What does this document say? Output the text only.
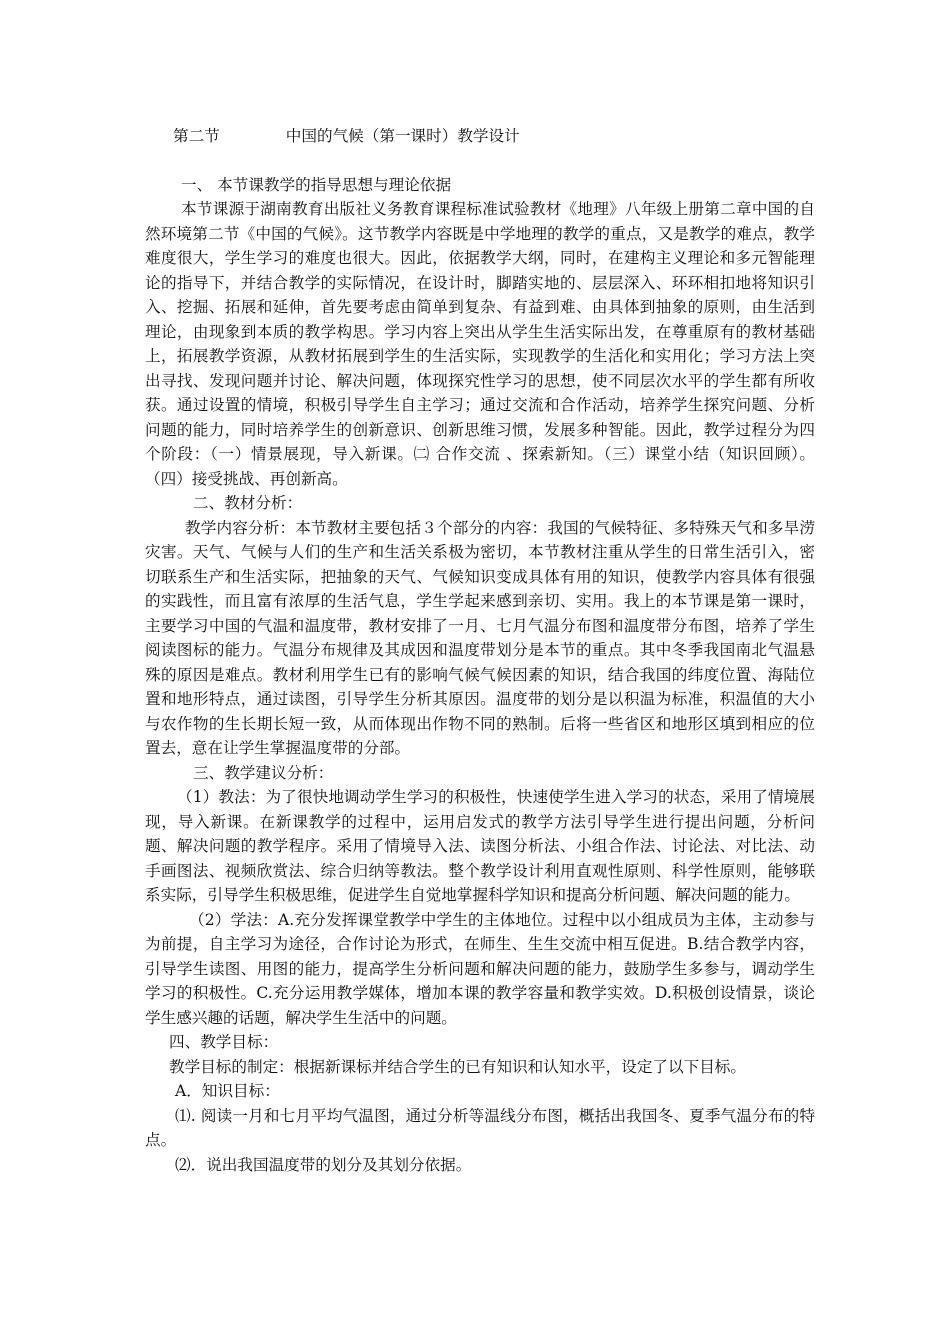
第二节	中国的气候（第一课时）教学设计

一、 本节课教学的指导思想与理论依据

本节课源于湖南教育出版社义务教育课程标准试验教材《地理》八年级上册第二章中国的自然环境第二节《中国的气候》。这节教学内容既是中学地理的教学的重点，又是教学的难点，教学难度很大，学生学习的难度也很大。因此，依据教学大纲，同时，在建构主义理论和多元智能理论的指导下，并结合教学的实际情况，在设计时，脚踏实地的、层层深入、环环相扣地将知识引入、挖掘、拓展和延伸，首先要考虑由简单到复杂、有益到难、由具体到抽象的原则，由生活到理论，由现象到本质的教学构思。学习内容上突出从学生生活实际出发，在尊重原有的教材基础上，拓展教学资源，从教材拓展到学生的生活实际，实现教学的生活化和实用化；学习方法上突出寻找、发现问题并讨论、解决问题，体现探究性学习的思想，使不同层次水平的学生都有所收获。通过设置的情境，积极引导学生自主学习；通过交流和合作活动，培养学生探究问题、分析问题的能力，同时培养学生的创新意识、创新思维习惯，发展多种智能。因此，教学过程分为四个阶段：（一）情景展现，导入新课。㈡ 合作交流 、探索新知。（三）课堂小结（知识回顾）。（四）接受挑战、再创新高。

二、教材分析：

教学内容分析：本节教材主要包括３个部分的内容：我国的气候特征、多特殊天气和多旱涝灾害。天气、气候与人们的生产和生活关系极为密切，本节教材注重从学生的日常生活引入，密切联系生产和生活实际，把抽象的天气、气候知识变成具体有用的知识，使教学内容具体有很强的实践性，而且富有浓厚的生活气息，学生学起来感到亲切、实用。我上的本节课是第一课时，主要学习中国的气温和温度带，教材安排了一月、七月气温分布图和温度带分布图，培养了学生阅读图标的能力。气温分布规律及其成因和温度带划分是本节的重点。其中冬季我国南北气温悬殊的原因是难点。教材利用学生已有的影响气候气候因素的知识，结合我国的纬度位置、海陆位置和地形特点，通过读图，引导学生分析其原因。温度带的划分是以积温为标准，积温值的大小与农作物的生长期长短一致，从而体现出作物不同的熟制。后将一些省区和地形区填到相应的位置去，意在让学生掌握温度带的分部。

三、教学建议分析：

（1）教法：为了很快地调动学生学习的积极性，快速使学生进入学习的状态，采用了情境展现，导入新课。在新课教学的过程中，运用启发式的教学方法引导学生进行提出问题，分析问题、解决问题的教学程序。采用了情境导入法、读图分析法、小组合作法、讨论法、对比法、动手画图法、视频欣赏法、综合归纳等教法。整个教学设计利用直观性原则、科学性原则，能够联系实际，引导学生积极思维，促进学生自觉地掌握科学知识和提高分析问题、解决问题的能力。

（2）学法：A.充分发挥课堂教学中学生的主体地位。过程中以小组成员为主体，主动参与为前提，自主学习为途径，合作讨论为形式，在师生、生生交流中相互促进。B.结合教学内容，引导学生读图、用图的能力，提高学生分析问题和解决问题的能力，鼓励学生多参与，调动学生学习的积极性。C.充分运用教学媒体，增加本课的教学容量和教学实效。D.积极创设情景，谈论学生感兴趣的话题，解决学生生活中的问题。

四、教学目标：

教学目标的制定：根据新课标并结合学生的已有知识和认知水平，设定了以下目标。

A．知识目标：

⑴. 阅读一月和七月平均气温图，通过分析等温线分布图，概括出我国冬、夏季气温分布的特点。

⑵．说出我国温度带的划分及其划分依据。
